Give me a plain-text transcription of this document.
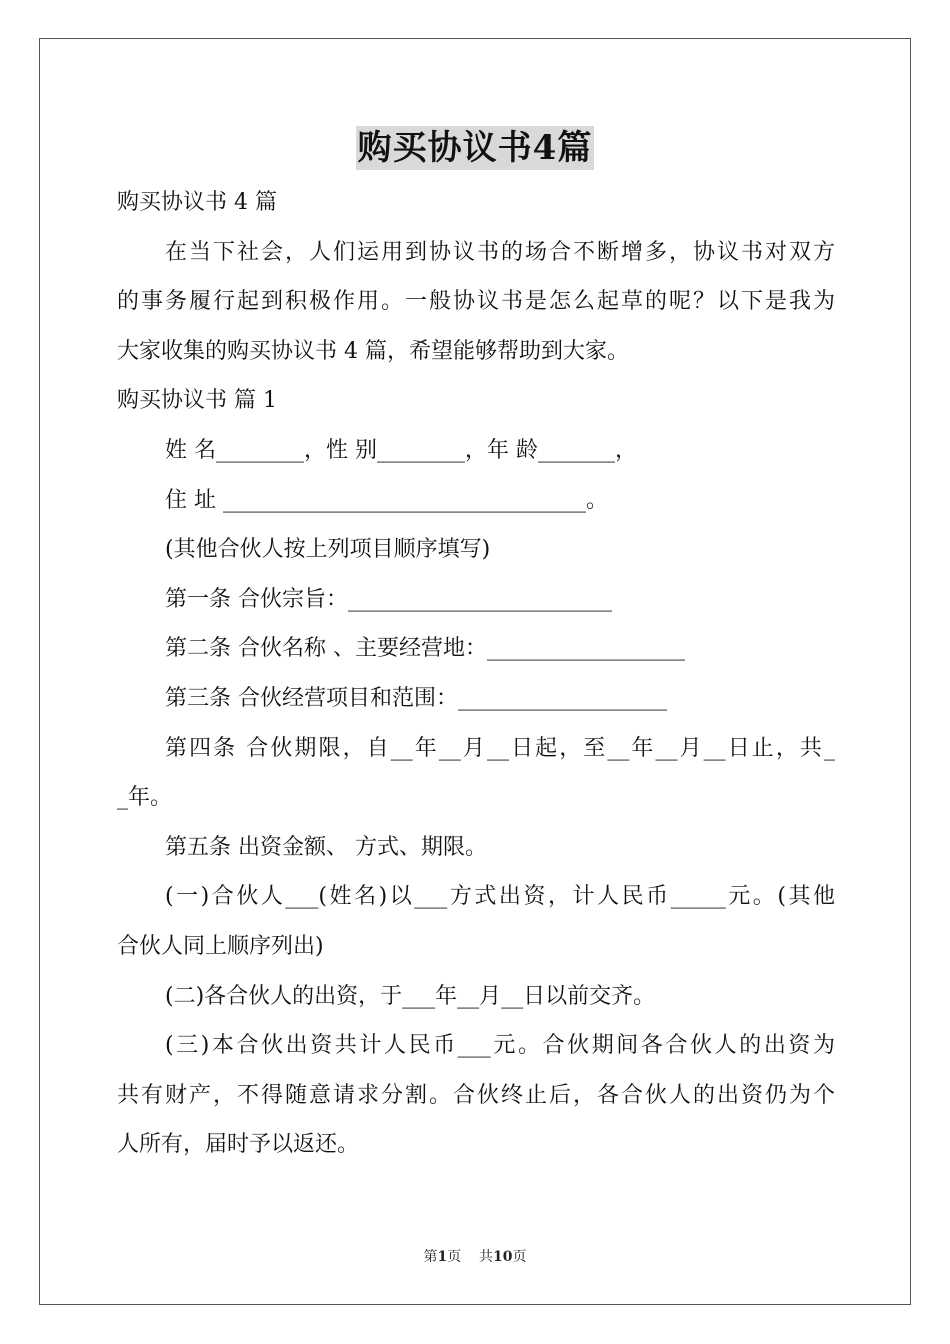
购买协议书4篇
购买协议书 4 篇
在当下社会，人们运用到协议书的场合不断增多，协议书对双方
的事务履行起到积极作用。一般协议书是怎么起草的呢？以下是我为
大家收集的购买协议书 4 篇，希望能够帮助到大家。
购买协议书 篇 1
姓 名________，性 别________，年 龄_______，
住 址 _________________________________。
(其他合伙人按上列项目顺序填写)
第一条 合伙宗旨：________________________
第二条 合伙名称 、主要经营地：__________________
第三条 合伙经营项目和范围：___________________
第四条 合伙期限，自__年__月__日起，至__年__月__日止，共_
_年。
第五条 出资金额、 方式、期限。
(一)合伙人___(姓名)以___方式出资，计人民币_____元。(其他
合伙人同上顺序列出)
(二)各合伙人的出资，于___年__月__日以前交齐。
(三)本合伙出资共计人民币___元。合伙期间各合伙人的出资为
共有财产，不得随意请求分割。合伙终止后，各合伙人的出资仍为个
人所有，届时予以返还。
第1页    共10页
